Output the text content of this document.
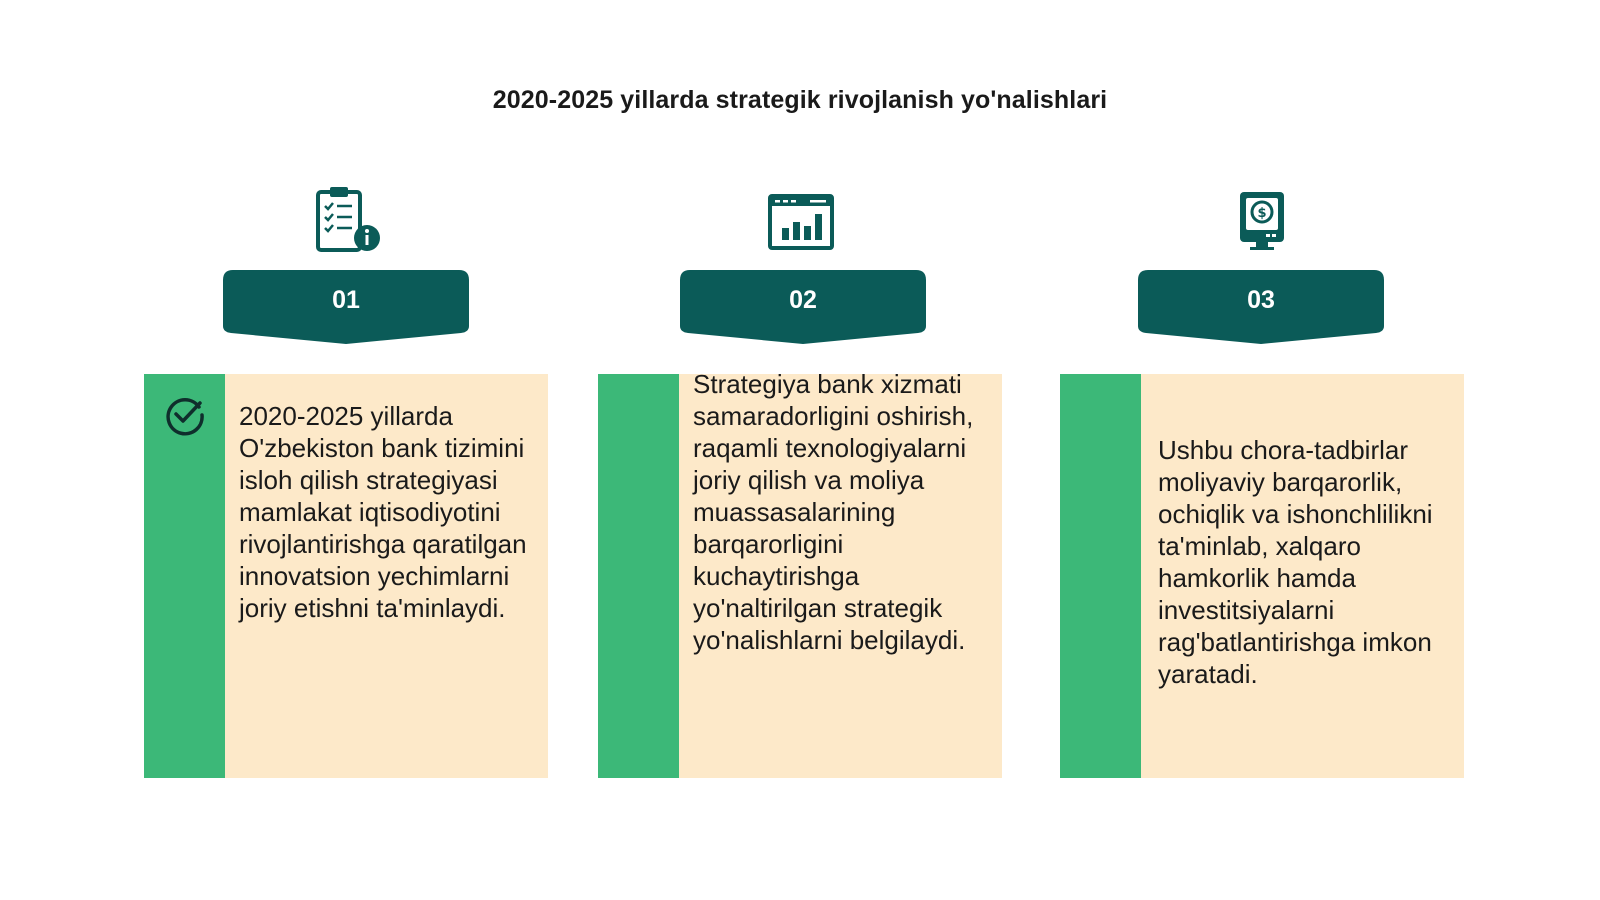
2020-2025 yillarda strategik rivojlanish yo'nalishlari
01

2020-2025 yillarda O'zbekiston bank tizimini isloh qilish strategiyasi mamlakat iqtisodiyotini rivojlantirishga qaratilgan innovatsion yechimlarni joriy etishni ta'minlaydi.

02

Strategiya bank xizmati samaradorligini oshirish, raqamli texnologiyalarni joriy qilish va moliya muassasalarining barqarorligini kuchaytirishga yo'naltirilgan strategik yo'nalishlarni belgilaydi.

$
03

Ushbu chora-tadbirlar moliyaviy barqarorlik, ochiqlik va ishonchlilikni ta'minlab, xalqaro hamkorlik hamda investitsiyalarni rag'batlantirishga imkon yaratadi.
